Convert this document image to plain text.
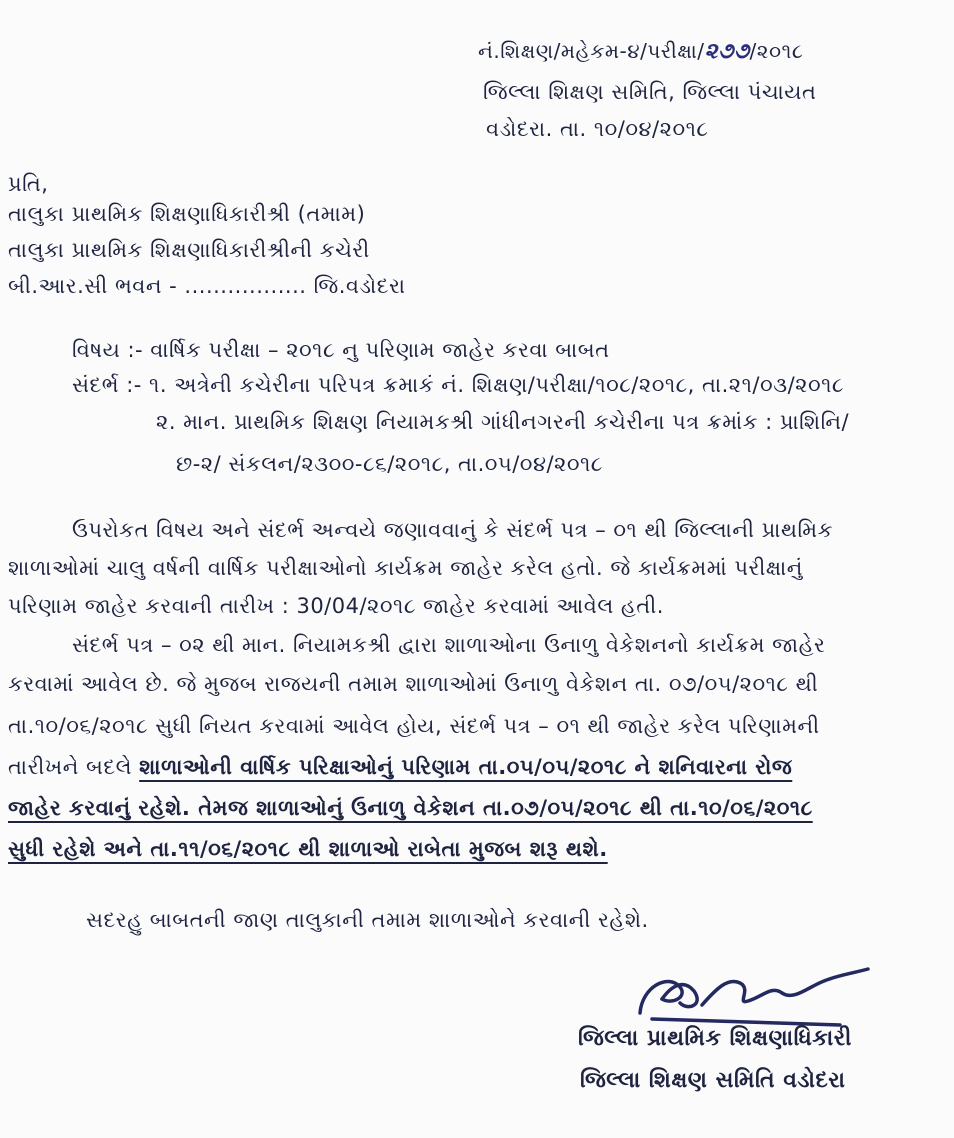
નં.શિક્ષણ/મહેકમ-૪/પરીક્ષા/૨૭૭/૨૦૧૮
જિલ્લા શિક્ષણ સમિતિ, જિલ્લા પંચાયત
વડોદરા. તા. ૧૦/૦૪/૨૦૧૮
પ્રતિ,
તાલુકા પ્રાથમિક શિક્ષણાધિકારીશ્રી (તમામ)
તાલુકા પ્રાથમિક શિક્ષણાધિકારીશ્રીની કચેરી
બી.આર.સી ભવન - ................. જિ.વડોદરા
વિષય :- વાર્ષિક પરીક્ષા – ૨૦૧૮ નુ પરિણામ જાહેર કરવા બાબત
સંદર્ભ :- ૧. અત્રેની કચેરીના પરિપત્ર ક્રમાકં નં. શિક્ષણ/પરીક્ષા/૧૦૮/૨૦૧૮, તા.૨૧/૦૩/૨૦૧૮
૨. માન. પ્રાથમિક શિક્ષણ નિયામકશ્રી ગાંધીનગરની કચેરીના પત્ર ક્રમાંક : પ્રાશિનિ/
છ-૨/ સંકલન/૨૩૦૦-૮૬/૨૦૧૮, તા.૦૫/૦૪/૨૦૧૮
ઉપરોકત વિષય અને સંદર્ભ અન્વયે જણાવવાનું કે સંદર્ભ પત્ર – ૦૧ થી જિલ્લાની પ્રાથમિક
શાળાઓમાં ચાલુ વર્ષની વાર્ષિક પરીક્ષાઓનો કાર્યક્રમ જાહેર કરેલ હતો. જે કાર્યક્રમમાં પરીક્ષાનું
પરિણામ જાહેર કરવાની તારીખ : 30/04/૨૦૧૮ જાહેર કરવામાં આવેલ હતી.
સંદર્ભ પત્ર – ૦૨ થી માન. નિયામકશ્રી દ્વારા શાળાઓના ઉનાળુ વેકેશનનો કાર્યક્રમ જાહેર
કરવામાં આવેલ છે. જે મુજબ રાજયની તમામ શાળાઓમાં ઉનાળુ વેકેશન તા. ૦૭/૦૫/૨૦૧૮ થી
તા.૧૦/૦૬/૨૦૧૮ સુધી નિયત કરવામાં આવેલ હોય, સંદર્ભ પત્ર – ૦૧ થી જાહેર કરેલ પરિણામની
તારીખને બદલે શાળાઓની વાર્ષિક પરિક્ષાઓનું પરિણામ તા.૦૫/૦૫/૨૦૧૮ ને શનિવારના રોજ
જાહેર કરવાનું રહેશે. તેમજ શાળાઓનું ઉનાળુ વેકેશન તા.૦૭/૦૫/૨૦૧૮ થી તા.૧૦/૦૬/૨૦૧૮
સુધી રહેશે અને તા.૧૧/૦૬/૨૦૧૮ થી શાળાઓ રાબેતા મુજબ શરૂ થશે.
સદરહુ બાબતની જાણ તાલુકાની તમામ શાળાઓને કરવાની રહેશે.
જિલ્લા પ્રાથમિક શિક્ષણાધિકારી
જિલ્લા શિક્ષણ સમિતિ વડોદરા
